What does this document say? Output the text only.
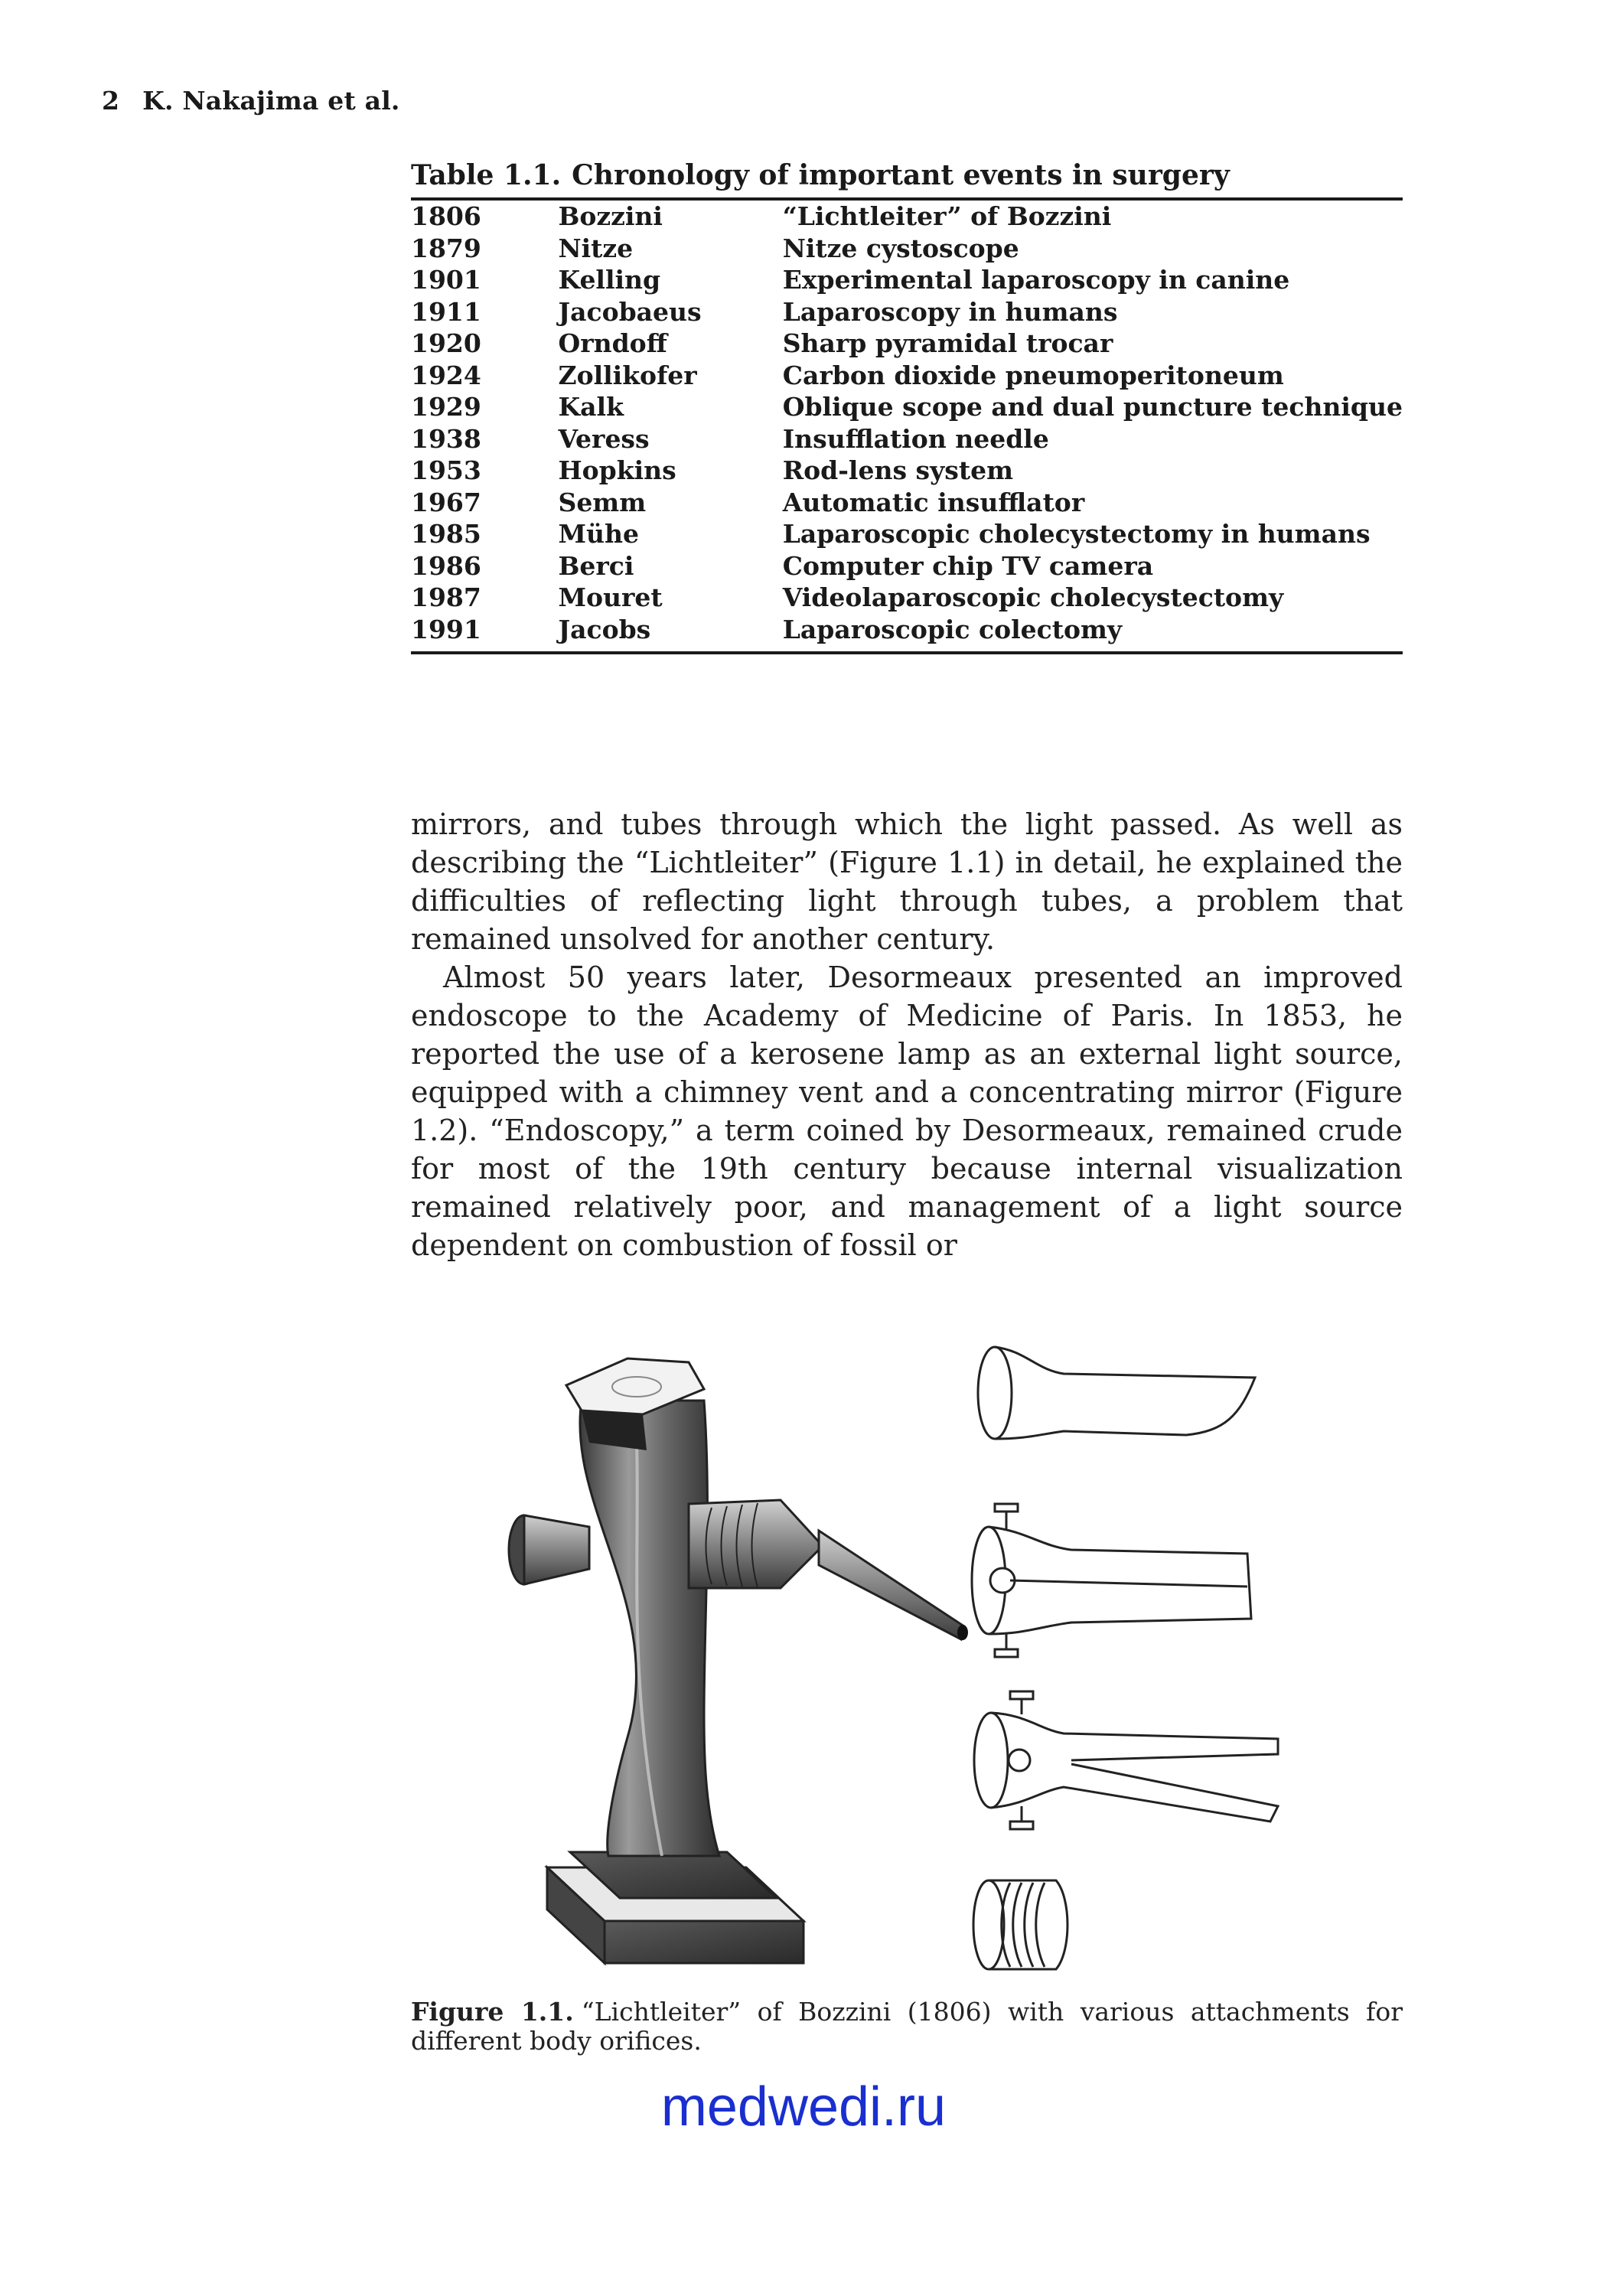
2 K. Nakajima et al.
Table 1.1. Chronology of important events in surgery
1806	Bozzini	“Lichtleiter” of Bozzini
1879	Nitze	Nitze cystoscope
1901	Kelling	Experimental laparoscopy in canine
1911	Jacobaeus	Laparoscopy in humans
1920	Orndoff	Sharp pyramidal trocar
1924	Zollikofer	Carbon dioxide pneumoperitoneum
1929	Kalk	Oblique scope and dual puncture technique
1938	Veress	Insufflation needle
1953	Hopkins	Rod-lens system
1967	Semm	Automatic insufflator
1985	Mühe	Laparoscopic cholecystectomy in humans
1986	Berci	Computer chip TV camera
1987	Mouret	Videolaparoscopic cholecystectomy
1991	Jacobs	Laparoscopic colectomy

mirrors, and tubes through which the light passed. As well as describing the “Lichtleiter” (Figure 1.1) in detail, he explained the difficulties of reflecting light through tubes, a problem that remained unsolved for another century.

Almost 50 years later, Desormeaux presented an improved endoscope to the Academy of Medicine of Paris. In 1853, he reported the use of a kerosene lamp as an external light source, equipped with a chimney vent and a concentrating mirror (Figure 1.2). “Endoscopy,” a term coined by Desormeaux, remained crude for most of the 19th century because internal visualization remained relatively poor, and management of a light source dependent on combustion of fossil or

Figure 1.1. “Lichtleiter” of Bozzini (1806) with various attachments for different body orifices.
medwedi.ru
